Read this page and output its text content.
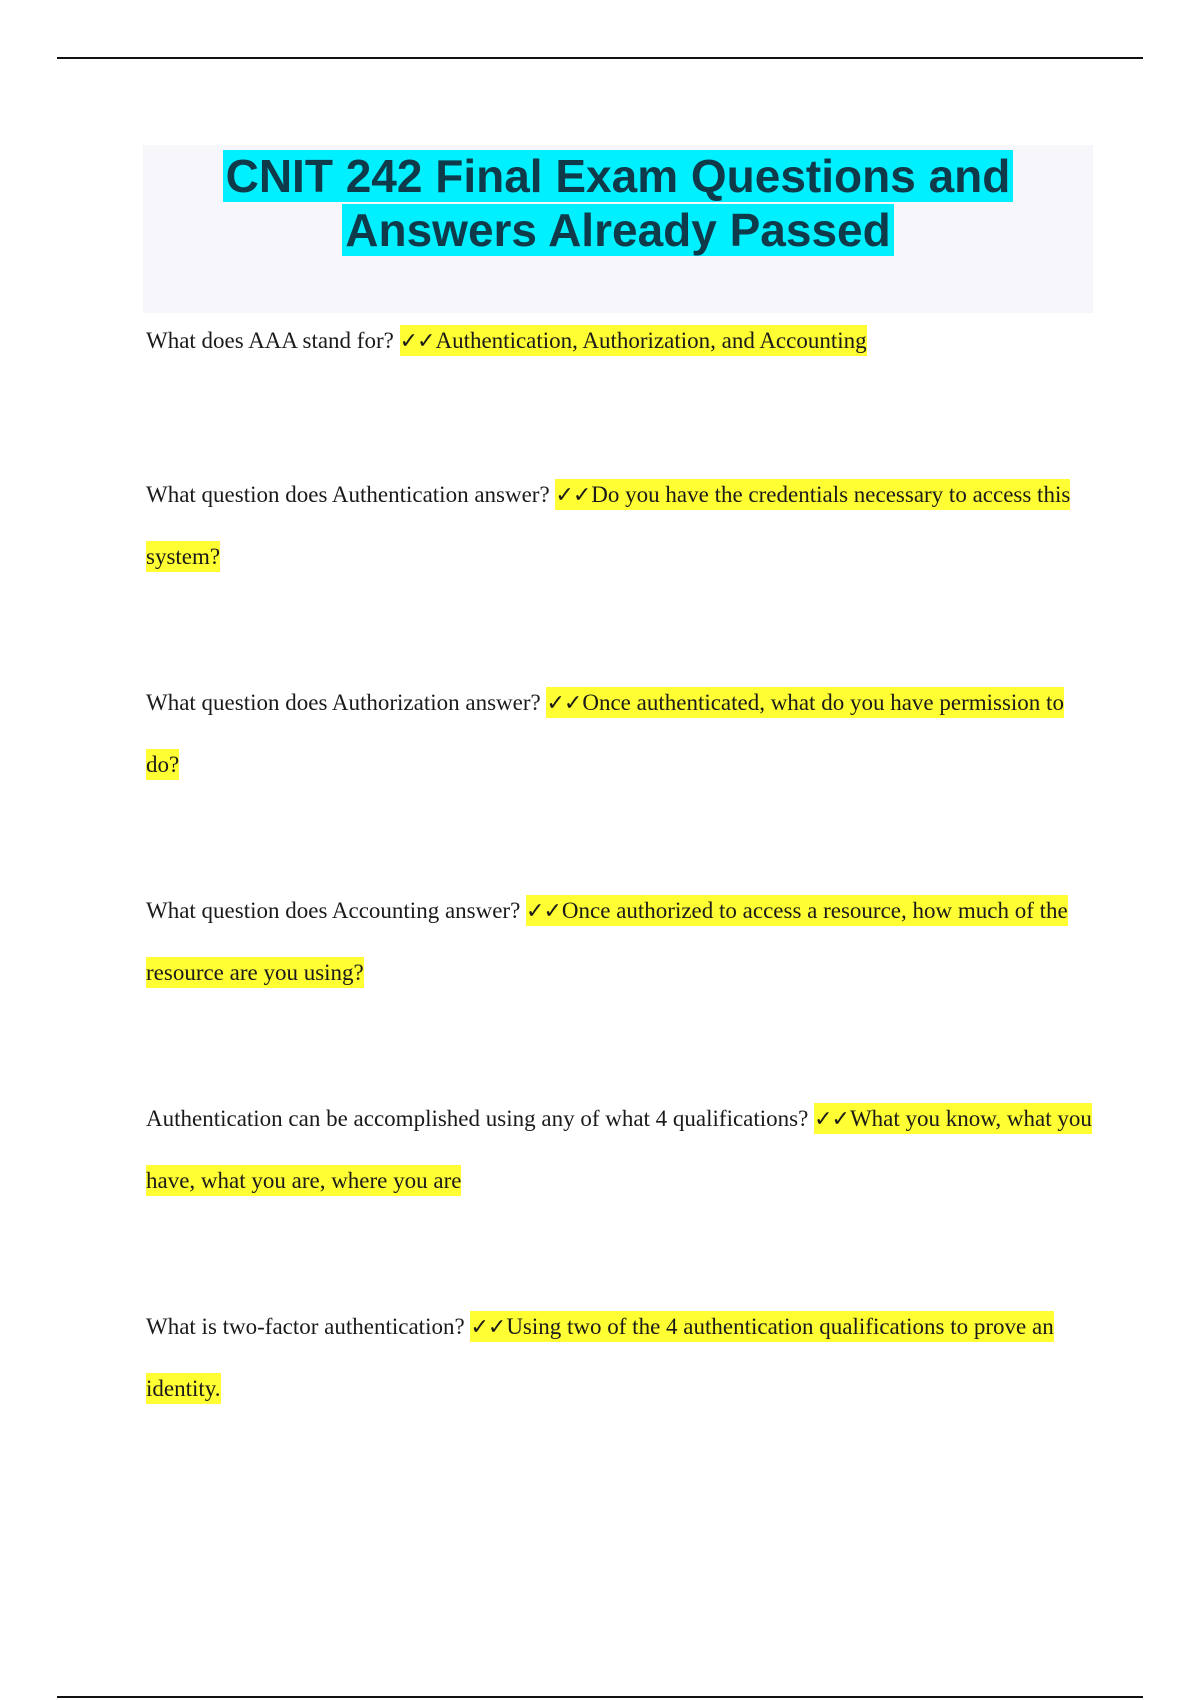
CNIT 242 Final Exam Questions and
Answers Already Passed
What does AAA stand for? ✓✓Authentication, Authorization, and Accounting
What question does Authentication answer? ✓✓Do you have the credentials necessary to access this system?
What question does Authorization answer? ✓✓Once authenticated, what do you have permission to do?
What question does Accounting answer? ✓✓Once authorized to access a resource, how much of the resource are you using?
Authentication can be accomplished using any of what 4 qualifications? ✓✓What you know, what you have, what you are, where you are
What is two-factor authentication? ✓✓Using two of the 4 authentication qualifications to prove an identity.
